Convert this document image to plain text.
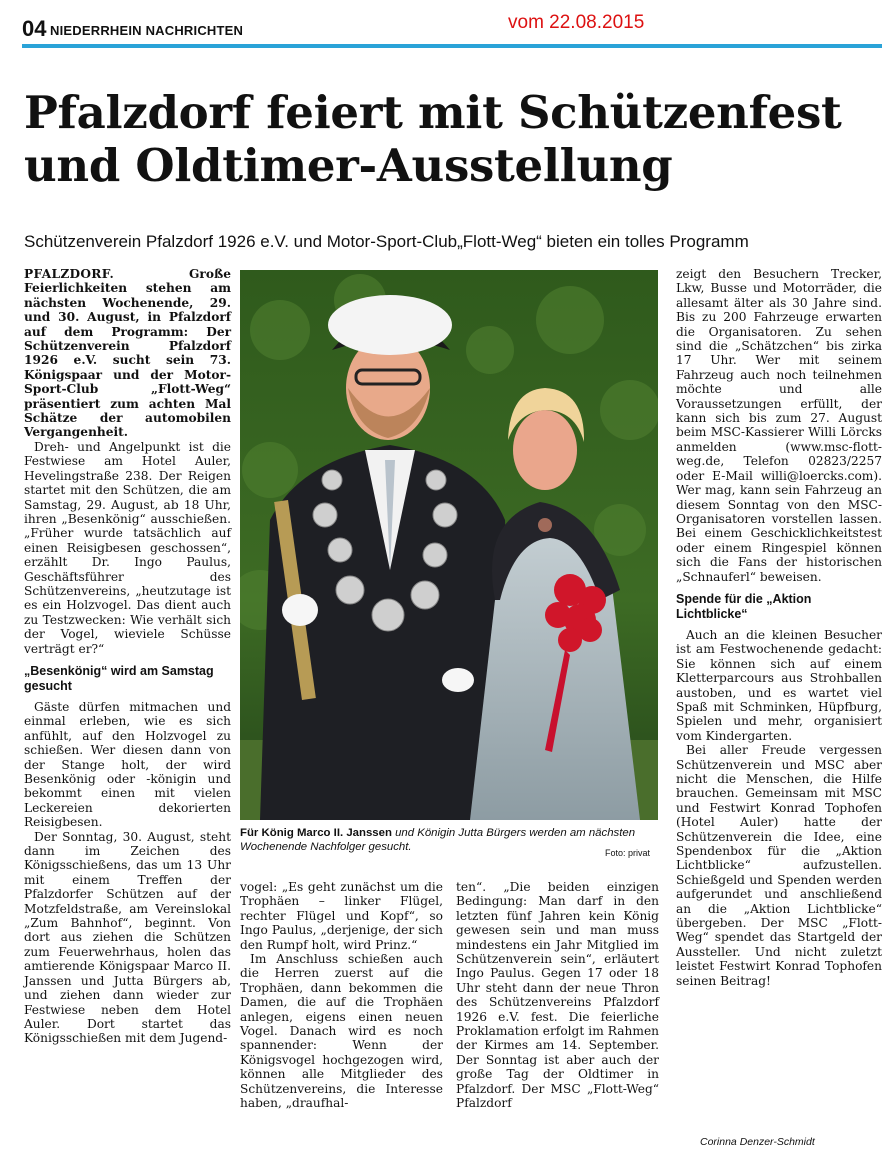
04 NIEDERRHEIN NACHRICHTEN	vom 22.08.2015
Pfalzdorf feiert mit Schützenfest und Oldtimer-Ausstellung

Schützenverein Pfalzdorf 1926 e.V. und Motor-Sport-Club„Flott-Weg“ bieten ein tolles Programm

PFALZDORF. Große Feierlichkeiten stehen am nächsten Wochenende, 29. und 30. August, in Pfalzdorf auf dem Programm: Der Schützenverein Pfalzdorf 1926 e.V. sucht sein 73. Königspaar und der Motor-Sport-Club „Flott-Weg“ präsentiert zum achten Mal Schätze der automobilen Vergangenheit.

Dreh- und Angelpunkt ist die Festwiese am Hotel Auler, Hevelingstraße 238. Der Reigen startet mit den Schützen, die am Samstag, 29. August, ab 18 Uhr, ihren „Besenkönig“ ausschießen. „Früher wurde tatsächlich auf einen Reisigbesen geschossen“, erzählt Dr. Ingo Paulus, Geschäftsführer des Schützenvereins, „heutzutage ist es ein Holzvogel. Das dient auch zu Testzwecken: Wie verhält sich der Vogel, wieviele Schüsse verträgt er?“

„Besenkönig“ wird am Samstag gesucht

Gäste dürfen mitmachen und einmal erleben, wie es sich anfühlt, auf den Holzvogel zu schießen. Wer diesen dann von der Stange holt, der wird Besenkönig oder -königin und bekommt einen mit vielen Leckereien dekorierten Reisigbesen.

Der Sonntag, 30. August, steht dann im Zeichen des Königsschießens, das um 13 Uhr mit einem Treffen der Pfalzdorfer Schützen auf der Motzfeldstraße, am Vereinslokal „Zum Bahnhof“, beginnt. Von dort aus ziehen die Schützen zum Feuerwehrhaus, holen das amtierende Königspaar Marco II. Janssen und Jutta Bürgers ab, und ziehen dann wieder zur Festwiese neben dem Hotel Auler. Dort startet das Königsschießen mit dem Jugend-

Für König Marco II. Janssen und Königin Jutta Bürgers werden am nächsten Wochenende Nachfolger gesucht.	Foto: privat

vogel: „Es geht zunächst um die Trophäen – linker Flügel, rechter Flügel und Kopf“, so Ingo Paulus, „derjenige, der sich den Rumpf holt, wird Prinz.“

Im Anschluss schießen auch die Herren zuerst auf die Trophäen, dann bekommen die Damen, die auf die Trophäen anlegen, eigens einen neuen Vogel. Danach wird es noch spannender: Wenn der Königsvogel hochgezogen wird, können alle Mitglieder des Schützenvereins, die Interesse haben, „draufhal-

ten“. „Die beiden einzigen Bedingung: Man darf in den letzten fünf Jahren kein König gewesen sein und man muss mindestens ein Jahr Mitglied im Schützenverein sein“, erläutert Ingo Paulus. Gegen 17 oder 18 Uhr steht dann der neue Thron des Schützenvereins Pfalzdorf 1926 e.V. fest. Die feierliche Proklamation erfolgt im Rahmen der Kirmes am 14. September. Der Sonntag ist aber auch der große Tag der Oldtimer in Pfalzdorf. Der MSC „Flott-Weg“ Pfalzdorf

zeigt den Besuchern Trecker, Lkw, Busse und Motorräder, die allesamt älter als 30 Jahre sind. Bis zu 200 Fahrzeuge erwarten die Organisatoren. Zu sehen sind die „Schätzchen“ bis zirka 17 Uhr. Wer mit seinem Fahrzeug auch noch teilnehmen möchte und alle Voraussetzungen erfüllt, der kann sich bis zum 27. August beim MSC-Kassierer Willi Lörcks anmelden (www.msc-flott-weg.de, Telefon 02823/2257 oder E-Mail willi@loercks.com). Wer mag, kann sein Fahrzeug an diesem Sonntag von den MSC-Organisatoren vorstellen lassen. Bei einem Geschicklichkeitstest oder einem Ringespiel können sich die Fans der historischen „Schnauferl“ beweisen.

Spende für die „Aktion Lichtblicke“

Auch an die kleinen Besucher ist am Festwochenende gedacht: Sie können sich auf einem Kletterparcours aus Strohballen austoben, und es wartet viel Spaß mit Schminken, Hüpfburg, Spielen und mehr, organisiert vom Kindergarten.

Bei aller Freude vergessen Schützenverein und MSC aber nicht die Menschen, die Hilfe brauchen. Gemeinsam mit MSC und Festwirt Konrad Tophofen (Hotel Auler) hatte der Schützenverein die Idee, eine Spendenbox für die „Aktion Lichtblicke“ aufzustellen. Schießgeld und Spenden werden aufgerundet und anschließend an die „Aktion Lichtblicke“ übergeben. Der MSC „Flott-Weg“ spendet das Startgeld der Aussteller. Und nicht zuletzt leistet Festwirt Konrad Tophofen seinen Beitrag!

Corinna Denzer-Schmidt
